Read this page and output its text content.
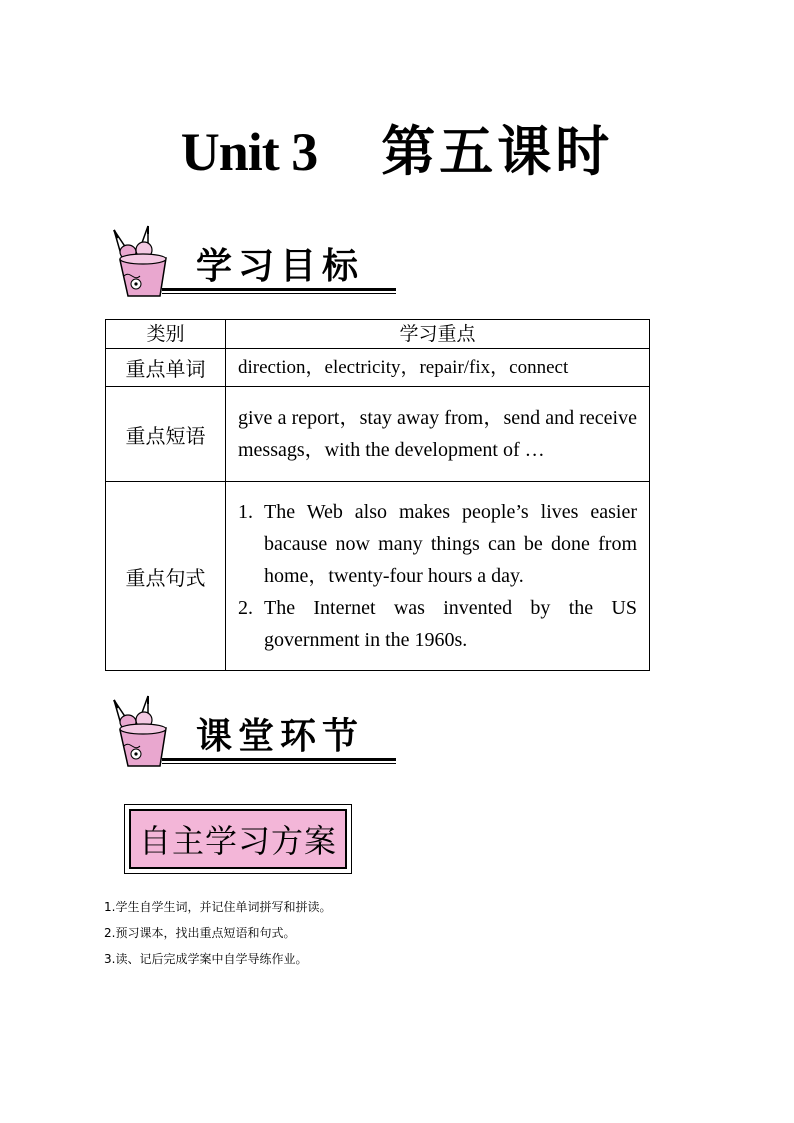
Unit 3 第五课时
学习目标
类别	学习重点
重点单词	direction，electricity，repair/fix，connect
重点短语	give a report，stay away from，send and receive messags，with the development of …
重点句式	1. The Web also makes people’s lives easier bacause now many things can be done from home，twenty-four hours a day.
2. The Internet was invented by the US government in the 1960s.
课堂环节
自主学习方案
1.学生自学生词，并记住单词拼写和拼读。
2.预习课本，找出重点短语和句式。
3.读、记后完成学案中自学导练作业。
